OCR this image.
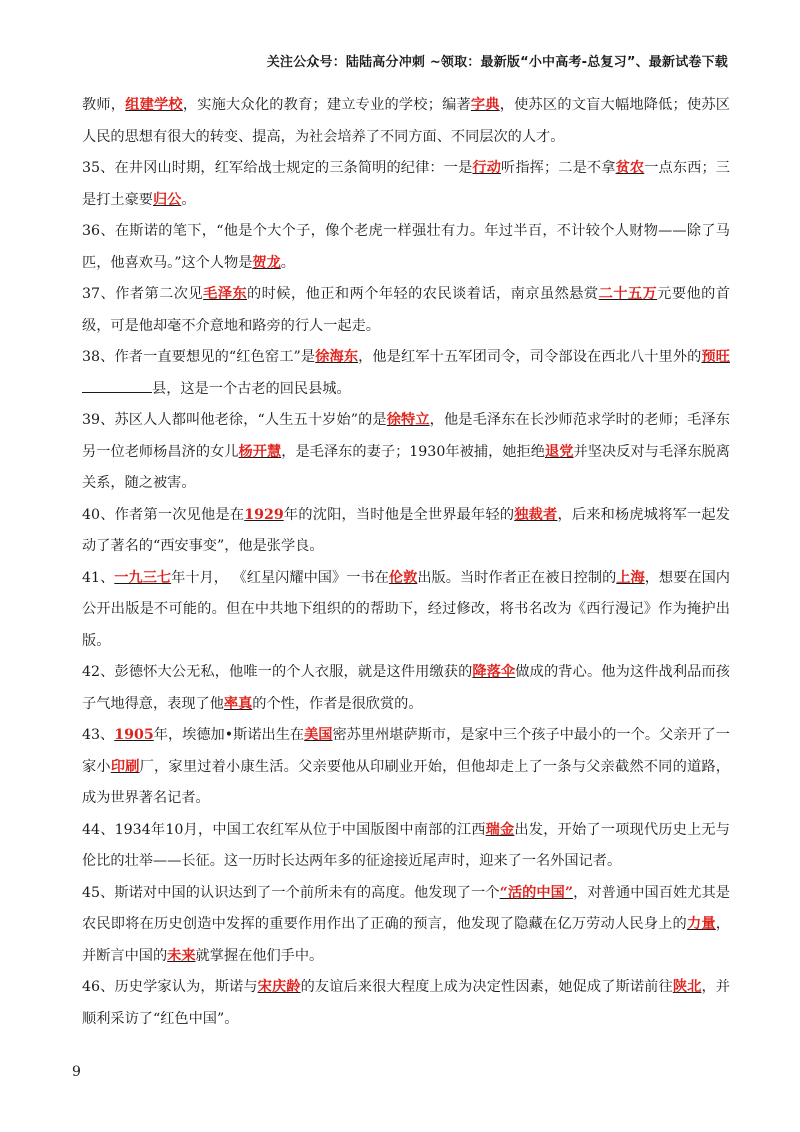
关注公众号：陆陆高分冲刺 ~领取：最新版“小中高考-总复习”、最新试卷下载

教师，组建学校，实施大众化的教育；建立专业的学校；编著字典，使苏区的文盲大幅地降低；使苏区人民的思想有很大的转变、提高，为社会培养了不同方面、不同层次的人才。

35、在井冈山时期，红军给战士规定的三条简明的纪律：一是行动听指挥；二是不拿贫农一点东西；三是打土豪要归公。

36、在斯诺的笔下，“他是个大个子，像个老虎一样强壮有力。年过半百，不计较个人财物——除了马匹，他喜欢马。”这个人物是贺龙。

37、作者第二次见毛泽东的时候，他正和两个年轻的农民谈着话，南京虽然悬赏二十五万元要他的首级，可是他却毫不介意地和路旁的行人一起走。

38、作者一直要想见的“红色窑工”是徐海东，他是红军十五军团司令，司令部设在西北八十里外的预旺县，这是一个古老的回民县城。

39、苏区人人都叫他老徐，“人生五十岁始”的是徐特立，他是毛泽东在长沙师范求学时的老师；毛泽东另一位老师杨昌济的女儿杨开慧，是毛泽东的妻子；1930年被捕，她拒绝退党并坚决反对与毛泽东脱离关系，随之被害。

40、作者第一次见他是在1929年的沈阳，当时他是全世界最年轻的独裁者，后来和杨虎城将军一起发动了著名的“西安事变”，他是张学良。

41、一九三七年十月， 《红星闪耀中国》一书在伦敦出版。当时作者正在被日控制的上海，想要在国内公开出版是不可能的。但在中共地下组织的的帮助下，经过修改，将书名改为《西行漫记》作为掩护出版。

42、彭德怀大公无私，他唯一的个人衣服，就是这件用缴获的降落伞做成的背心。他为这件战利品而孩子气地得意，表现了他率真的个性，作者是很欣赏的。

43、1905年，埃德加•斯诺出生在美国密苏里州堪萨斯市，是家中三个孩子中最小的一个。父亲开了一家小印刷厂，家里过着小康生活。父亲要他从印刷业开始，但他却走上了一条与父亲截然不同的道路，成为世界著名记者。

44、1934年10月，中国工农红军从位于中国版图中南部的江西瑞金出发，开始了一项现代历史上无与伦比的壮举——长征。这一历时长达两年多的征途接近尾声时，迎来了一名外国记者。

45、斯诺对中国的认识达到了一个前所未有的高度。他发现了一个“活的中国”，对普通中国百姓尤其是农民即将在历史创造中发挥的重要作用作出了正确的预言，他发现了隐藏在亿万劳动人民身上的力量，并断言中国的未来就掌握在他们手中。

46、历史学家认为，斯诺与宋庆龄的友谊后来很大程度上成为决定性因素，她促成了斯诺前往陕北，并顺利采访了“红色中国”。

9
